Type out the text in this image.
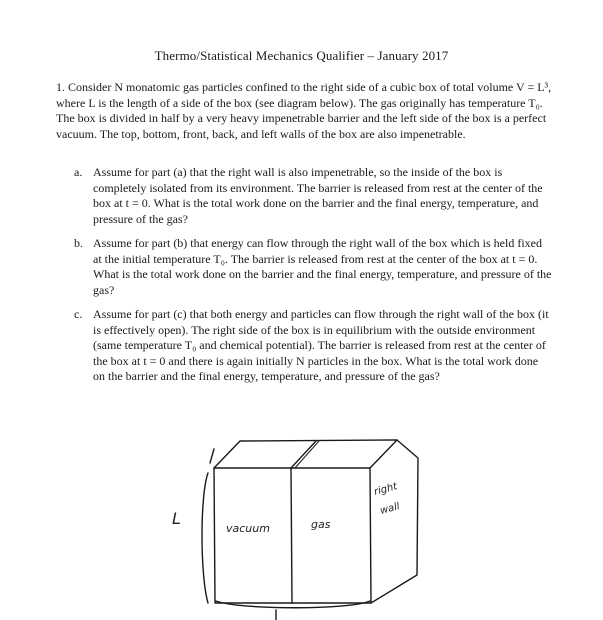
Thermo/Statistical Mechanics Qualifier – January 2017
1. Consider N monatomic gas particles confined to the right side of a cubic box of total volume V = L³, where L is the length of a side of the box (see diagram below). The gas originally has temperature T₀. The box is divided in half by a very heavy impenetrable barrier and the left side of the box is a perfect vacuum. The top, bottom, front, back, and left walls of the box are also impenetrable.
a. Assume for part (a) that the right wall is also impenetrable, so the inside of the box is completely isolated from its environment. The barrier is released from rest at the center of the box at t = 0. What is the total work done on the barrier and the final energy, temperature, and pressure of the gas?
b. Assume for part (b) that energy can flow through the right wall of the box which is held fixed at the initial temperature T₀. The barrier is released from rest at the center of the box at t = 0. What is the total work done on the barrier and the final energy, temperature, and pressure of the gas?
c. Assume for part (c) that both energy and particles can flow through the right wall of the box (it is effectively open). The right side of the box is in equilibrium with the outside environment (same temperature T₀ and chemical potential). The barrier is released from rest at the center of the box at t = 0 and there is again initially N particles in the box. What is the total work done on the barrier and the final energy, temperature, and pressure of the gas?
L
vacuum	gas
right
wall
